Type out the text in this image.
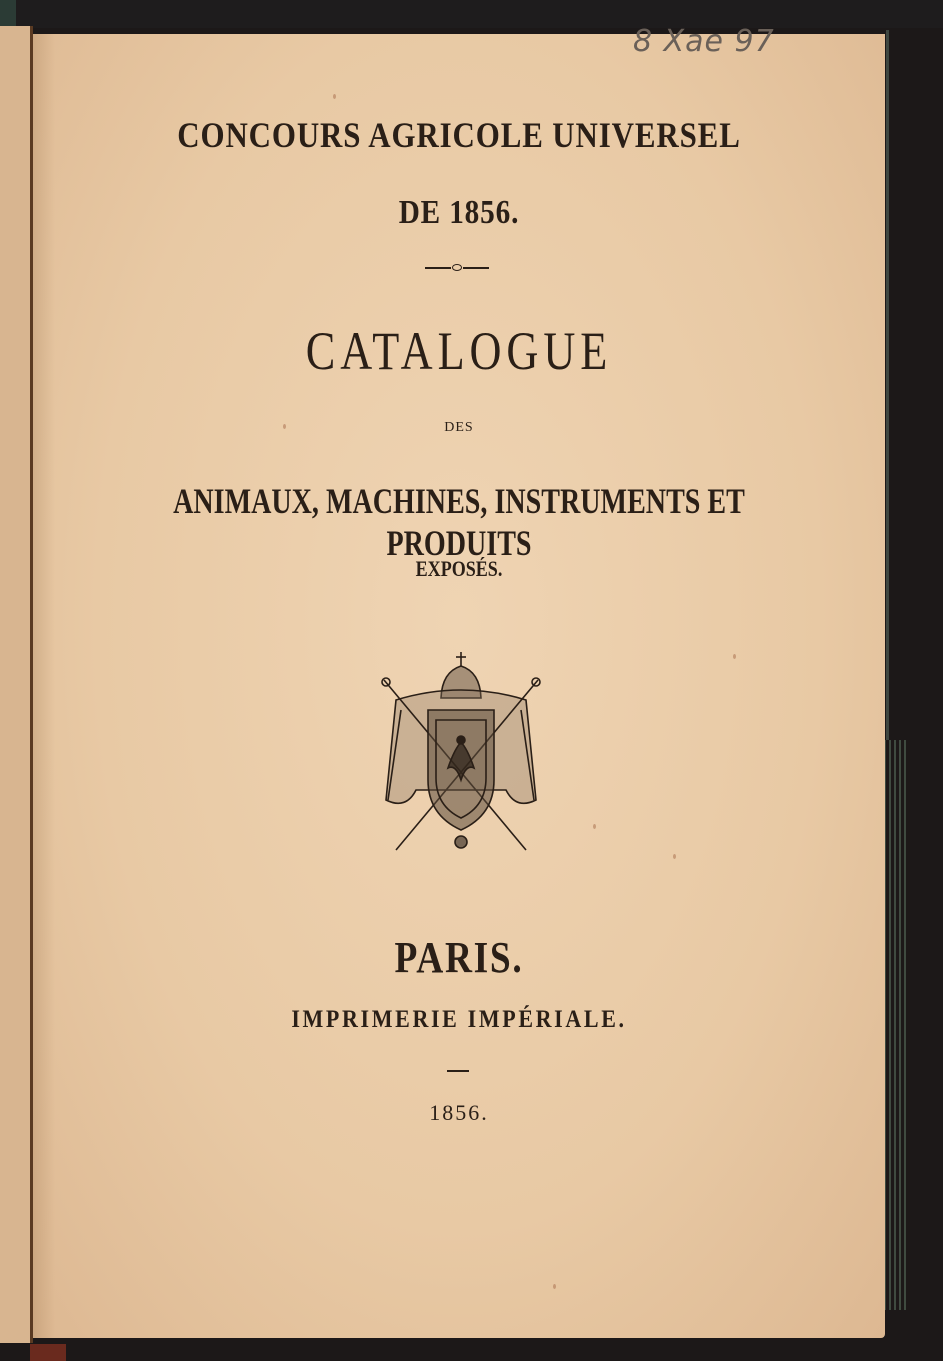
8 Xae 97
CONCOURS AGRICOLE UNIVERSEL
DE 1856.
CATALOGUE
DES
ANIMAUX, MACHINES, INSTRUMENTS ET PRODUITS
EXPOSÉS.
PARIS.
IMPRIMERIE IMPÉRIALE.
1856.
